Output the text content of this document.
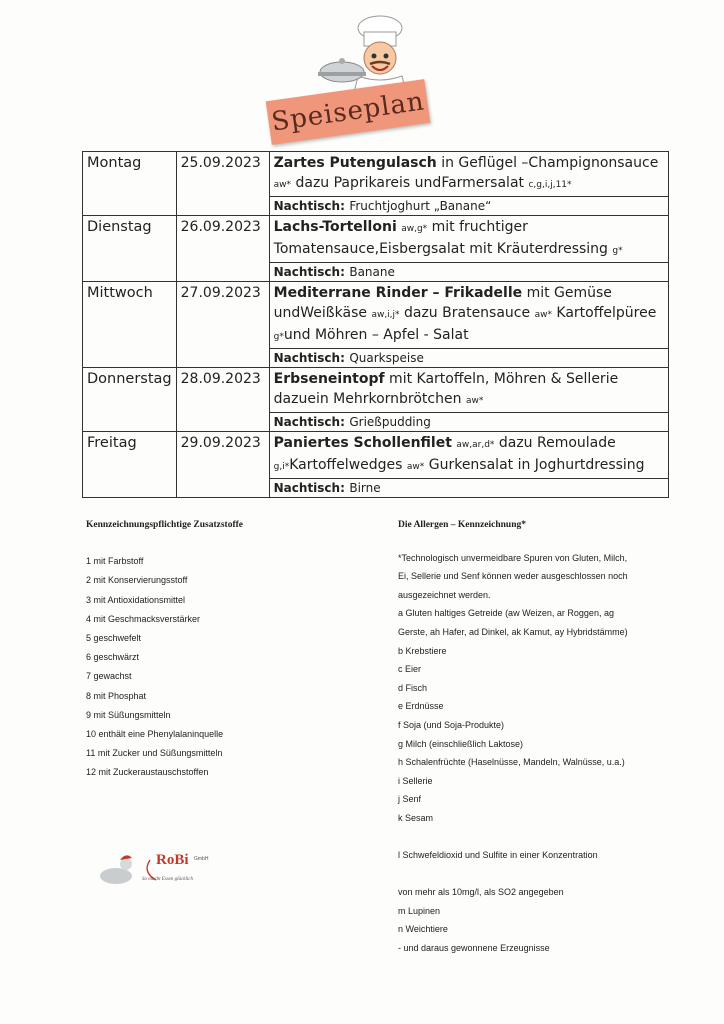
Speiseplan
Montag	25.09.2023	Zartes Putengulasch in Geflügel –Champignonsauce aw* dazu Paprikareis undFarmersalat c,g,i,j,11*
		Nachtisch: Fruchtjoghurt „Banane“
Dienstag	26.09.2023	Lachs-Tortelloni aw,g* mit fruchtiger Tomatensauce,Eisbergsalat mit Kräuterdressing g*
		Nachtisch: Banane
Mittwoch	27.09.2023	Mediterrane Rinder – Frikadelle mit Gemüse undWeißkäse aw,i,j* dazu Bratensauce aw* Kartoffelpüree g*und Möhren – Apfel - Salat
		Nachtisch: Quarkspeise
Donnerstag	28.09.2023	Erbseneintopf mit Kartoffeln, Möhren & Sellerie dazuein Mehrkornbrötchen aw*
		Nachtisch: Grießpudding
Freitag	29.09.2023	Paniertes Schollenfilet aw,ar,d* dazu Remoulade g,i*Kartoffelwedges aw* Gurkensalat in Joghurtdressing
		Nachtisch: Birne
Kennzeichnungspflichtige Zusatzstoffe
1 mit Farbstoff
2 mit Konservierungsstoff
3 mit Antioxidationsmittel
4 mit Geschmacksverstärker
5 geschwefelt
6 geschwärzt
7 gewachst
8 mit Phosphat
9 mit Süßungsmitteln
10 enthält eine Phenylalaninquelle
11 mit Zucker und Süßungsmitteln
12 mit Zuckeraustauschstoffen
Die Allergen – Kennzeichnung*
*Technologisch unvermeidbare Spuren von Gluten, Milch,
Ei, Sellerie und Senf können weder ausgeschlossen noch
ausgezeichnet werden.
a Gluten haltiges Getreide (aw Weizen, ar Roggen, ag
Gerste, ah Hafer, ad Dinkel, ak Kamut, ay Hybridstämme)
b Krebstiere
c Eier
d Fisch
e Erdnüsse
f Soja (und Soja-Produkte)
g Milch (einschließlich Laktose)
h Schalenfrüchte (Haselnüsse, Mandeln, Walnüsse, u.a.)
i Sellerie
j Senf
k Sesam
l Schwefeldioxid und Sulfite in einer Konzentration
von mehr als 10mg/l, als SO2 angegeben
m Lupinen
n Weichtiere
- und daraus gewonnene Erzeugnisse
RoBi GmbH
So macht Essen glücklich
